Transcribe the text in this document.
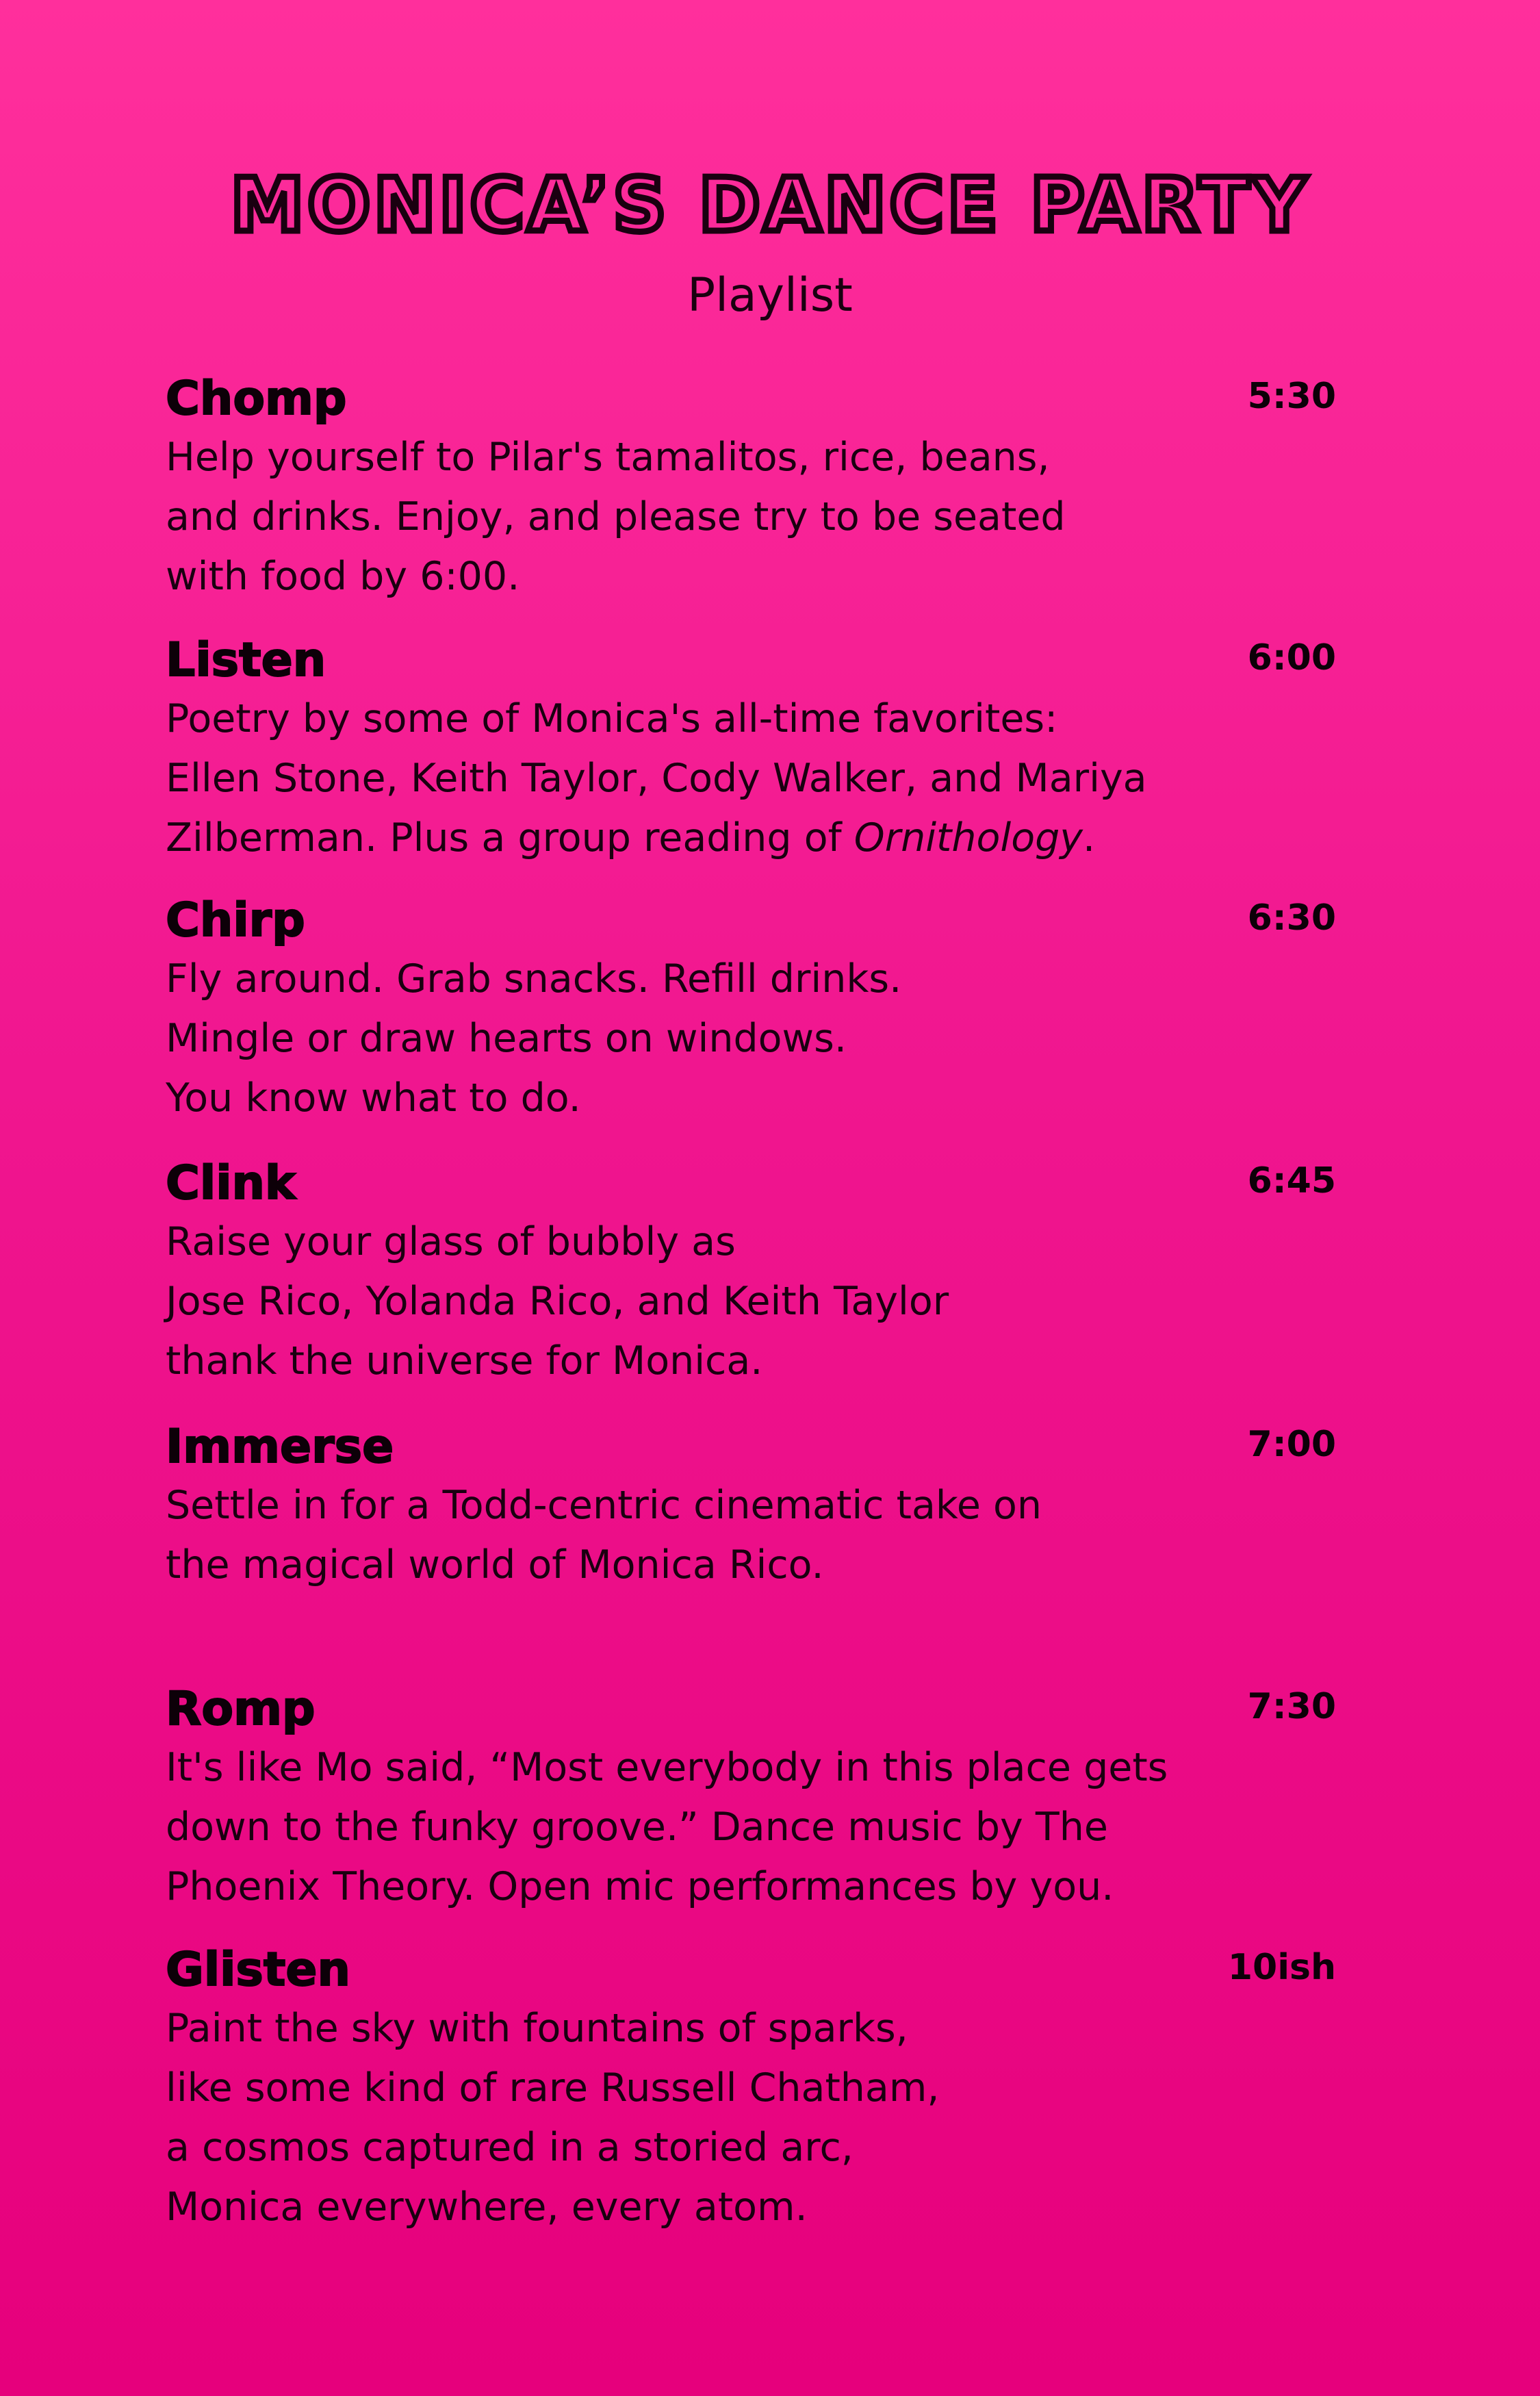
MONICA’S DANCE PARTY
Playlist
Chomp	5:30
Help yourself to Pilar's tamalitos, rice, beans,
and drinks. Enjoy, and please try to be seated
with food by 6:00.
Listen	6:00
Poetry by some of Monica's all-time favorites:
Ellen Stone, Keith Taylor, Cody Walker, and Mariya
Zilberman. Plus a group reading of Ornithology.
Chirp	6:30
Fly around. Grab snacks. Refill drinks.
Mingle or draw hearts on windows.
You know what to do.
Clink	6:45
Raise your glass of bubbly as
Jose Rico, Yolanda Rico, and Keith Taylor
thank the universe for Monica.
Immerse	7:00
Settle in for a Todd-centric cinematic take on
the magical world of Monica Rico.
Romp	7:30
It's like Mo said, “Most everybody in this place gets
down to the funky groove.” Dance music by The
Phoenix Theory. Open mic performances by you.
Glisten	10ish
Paint the sky with fountains of sparks,
like some kind of rare Russell Chatham,
a cosmos captured in a storied arc,
Monica everywhere, every atom.
